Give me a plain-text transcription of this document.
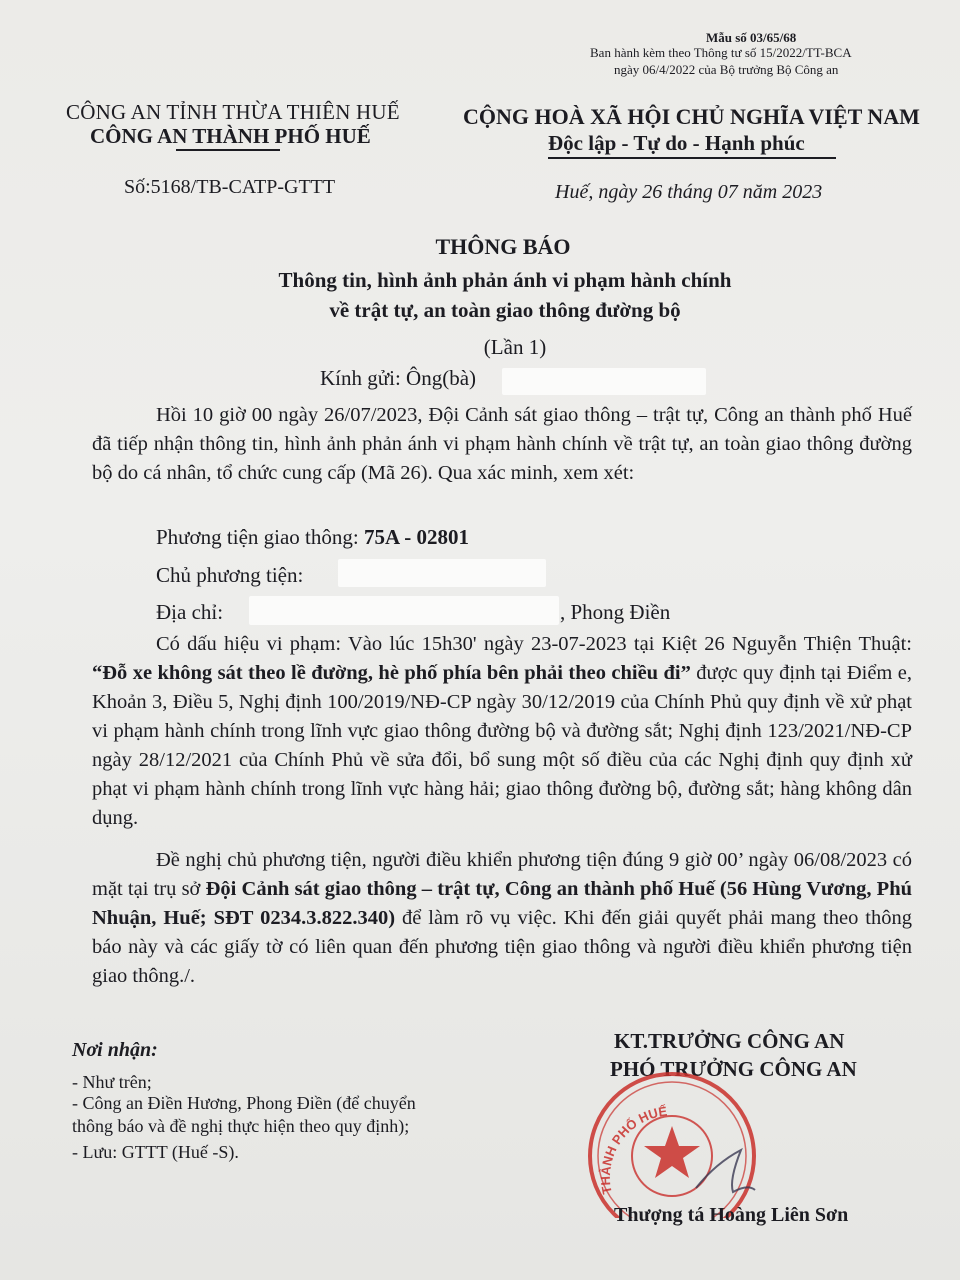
Mẫu số 03/65/68
Ban hành kèm theo Thông tư số 15/2022/TT-BCA
ngày 06/4/2022 của Bộ trưởng Bộ Công an
CÔNG AN TỈNH THỪA THIÊN HUẾ
CÔNG AN THÀNH PHỐ HUẾ
Số:5168/TB-CATP-GTTT
CỘNG HOÀ XÃ HỘI CHỦ NGHĨA VIỆT NAM
Độc lập - Tự do - Hạnh phúc
Huế, ngày 26 tháng 07 năm 2023
THÔNG BÁO
Thông tin, hình ảnh phản ánh vi phạm hành chính
về trật tự, an toàn giao thông đường bộ
(Lần 1)
Kính gửi: Ông(bà)
Hồi 10 giờ 00 ngày 26/07/2023, Đội Cảnh sát giao thông – trật tự, Công an thành phố Huế đã tiếp nhận thông tin, hình ảnh phản ánh vi phạm hành chính về trật tự, an toàn giao thông đường bộ do cá nhân, tổ chức cung cấp (Mã 26). Qua xác minh, xem xét:
Phương tiện giao thông: 75A - 02801
Chủ phương tiện:
Địa chỉ:	, Phong Điền
Có dấu hiệu vi phạm: Vào lúc 15h30' ngày 23-07-2023 tại Kiệt 26 Nguyễn Thiện Thuật: “Đỗ xe không sát theo lề đường, hè phố phía bên phải theo chiều đi” được quy định tại Điểm e, Khoản 3, Điều 5, Nghị định 100/2019/NĐ-CP ngày 30/12/2019 của Chính Phủ quy định về xử phạt vi phạm hành chính trong lĩnh vực giao thông đường bộ và đường sắt; Nghị định 123/2021/NĐ-CP ngày 28/12/2021 của Chính Phủ về sửa đổi, bổ sung một số điều của các Nghị định quy định xử phạt vi phạm hành chính trong lĩnh vực hàng hải; giao thông đường bộ, đường sắt; hàng không dân dụng.
Đề nghị chủ phương tiện, người điều khiển phương tiện đúng 9 giờ 00’ ngày 06/08/2023 có mặt tại trụ sở Đội Cảnh sát giao thông – trật tự, Công an thành phố Huế (56 Hùng Vương, Phú Nhuận, Huế; SĐT 0234.3.822.340) để làm rõ vụ việc. Khi đến giải quyết phải mang theo thông báo này và các giấy tờ có liên quan đến phương tiện giao thông và người điều khiển phương tiện giao thông./.
Nơi nhận:
- Như trên;
- Công an Điền Hương, Phong Điền (để chuyển
thông báo và đề nghị thực hiện theo quy định);
- Lưu: GTTT (Huế -S).
KT.TRƯỞNG CÔNG AN
PHÓ TRƯỞNG CÔNG AN
THÀNH PHỐ HUẾ
Thượng tá Hoàng Liên Sơn
